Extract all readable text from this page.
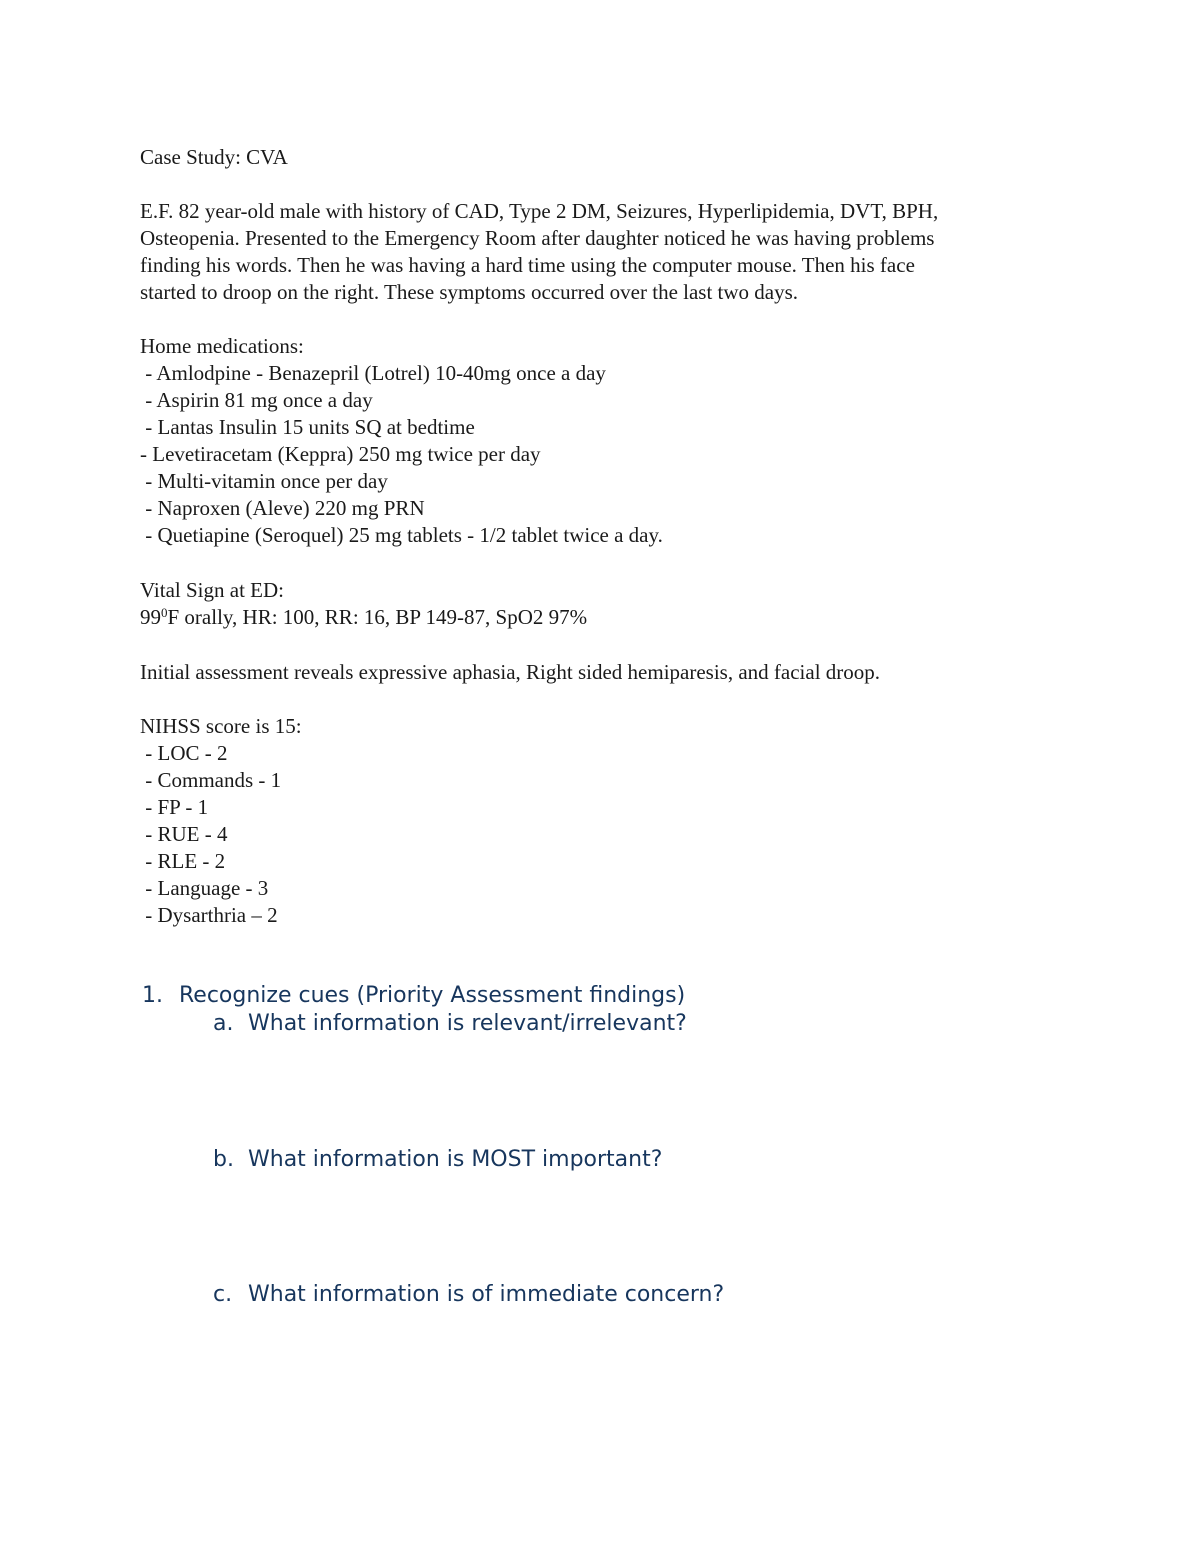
Case Study: CVA
E.F. 82 year-old male with history of CAD, Type 2 DM, Seizures, Hyperlipidemia, DVT, BPH,
Osteopenia. Presented to the Emergency Room after daughter noticed he was having problems
finding his words. Then he was having a hard time using the computer mouse. Then his face
started to droop on the right. These symptoms occurred over the last two days.
Home medications:
- Amlodpine - Benazepril (Lotrel) 10-40mg once a day
- Aspirin 81 mg once a day
- Lantas Insulin 15 units SQ at bedtime
- Levetiracetam (Keppra) 250 mg twice per day
- Multi-vitamin once per day
- Naproxen (Aleve) 220 mg PRN
- Quetiapine (Seroquel) 25 mg tablets - 1/2 tablet twice a day.
Vital Sign at ED:
$99^0F$ orally, HR: 100, RR: 16, BP 149-87, SpO2 97%
Initial assessment reveals expressive aphasia, Right sided hemiparesis, and facial droop.
NIHSS score is 15:
- LOC - 2
- Commands - 1
- FP - 1
- RUE - 4
- RLE - 2
- Language - 3
- Dysarthria – 2
1. Recognize cues (Priority Assessment findings)
a. What information is relevant/irrelevant?
b. What information is MOST important?
c. What information is of immediate concern?
